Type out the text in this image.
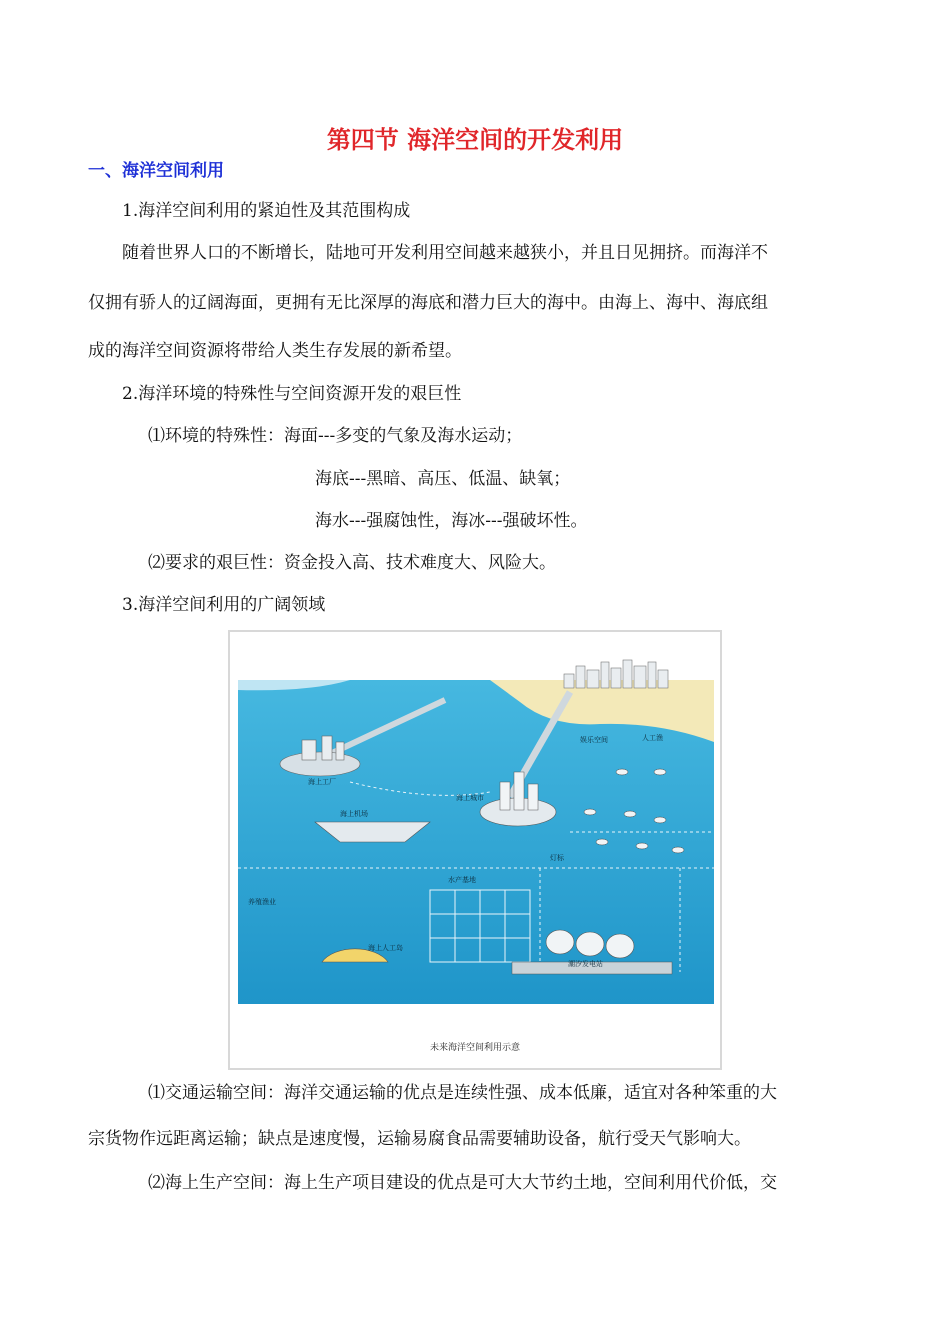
第四节 海洋空间的开发利用
一、海洋空间利用

1.海洋空间利用的紧迫性及其范围构成

随着世界人口的不断增长，陆地可开发利用空间越来越狭小，并且日见拥挤。而海洋不

仅拥有骄人的辽阔海面，更拥有无比深厚的海底和潜力巨大的海中。由海上、海中、海底组

成的海洋空间资源将带给人类生存发展的新希望。

2.海洋环境的特殊性与空间资源开发的艰巨性

⑴环境的特殊性：海面---多变的气象及海水运动；

海底---黑暗、高压、低温、缺氧；

海水---强腐蚀性，海冰---强破坏性。

⑵要求的艰巨性：资金投入高、技术难度大、风险大。

3.海洋空间利用的广阔领域

海上工厂
海上机场
海上城市
娱乐空间	人工渔
灯标
水产基地
海上人工岛
养殖渔业
潮汐发电站
未来海洋空间利用示意

⑴交通运输空间：海洋交通运输的优点是连续性强、成本低廉，适宜对各种笨重的大

宗货物作远距离运输；缺点是速度慢，运输易腐食品需要辅助设备，航行受天气影响大。

⑵海上生产空间：海上生产项目建设的优点是可大大节约土地，空间利用代价低，交
